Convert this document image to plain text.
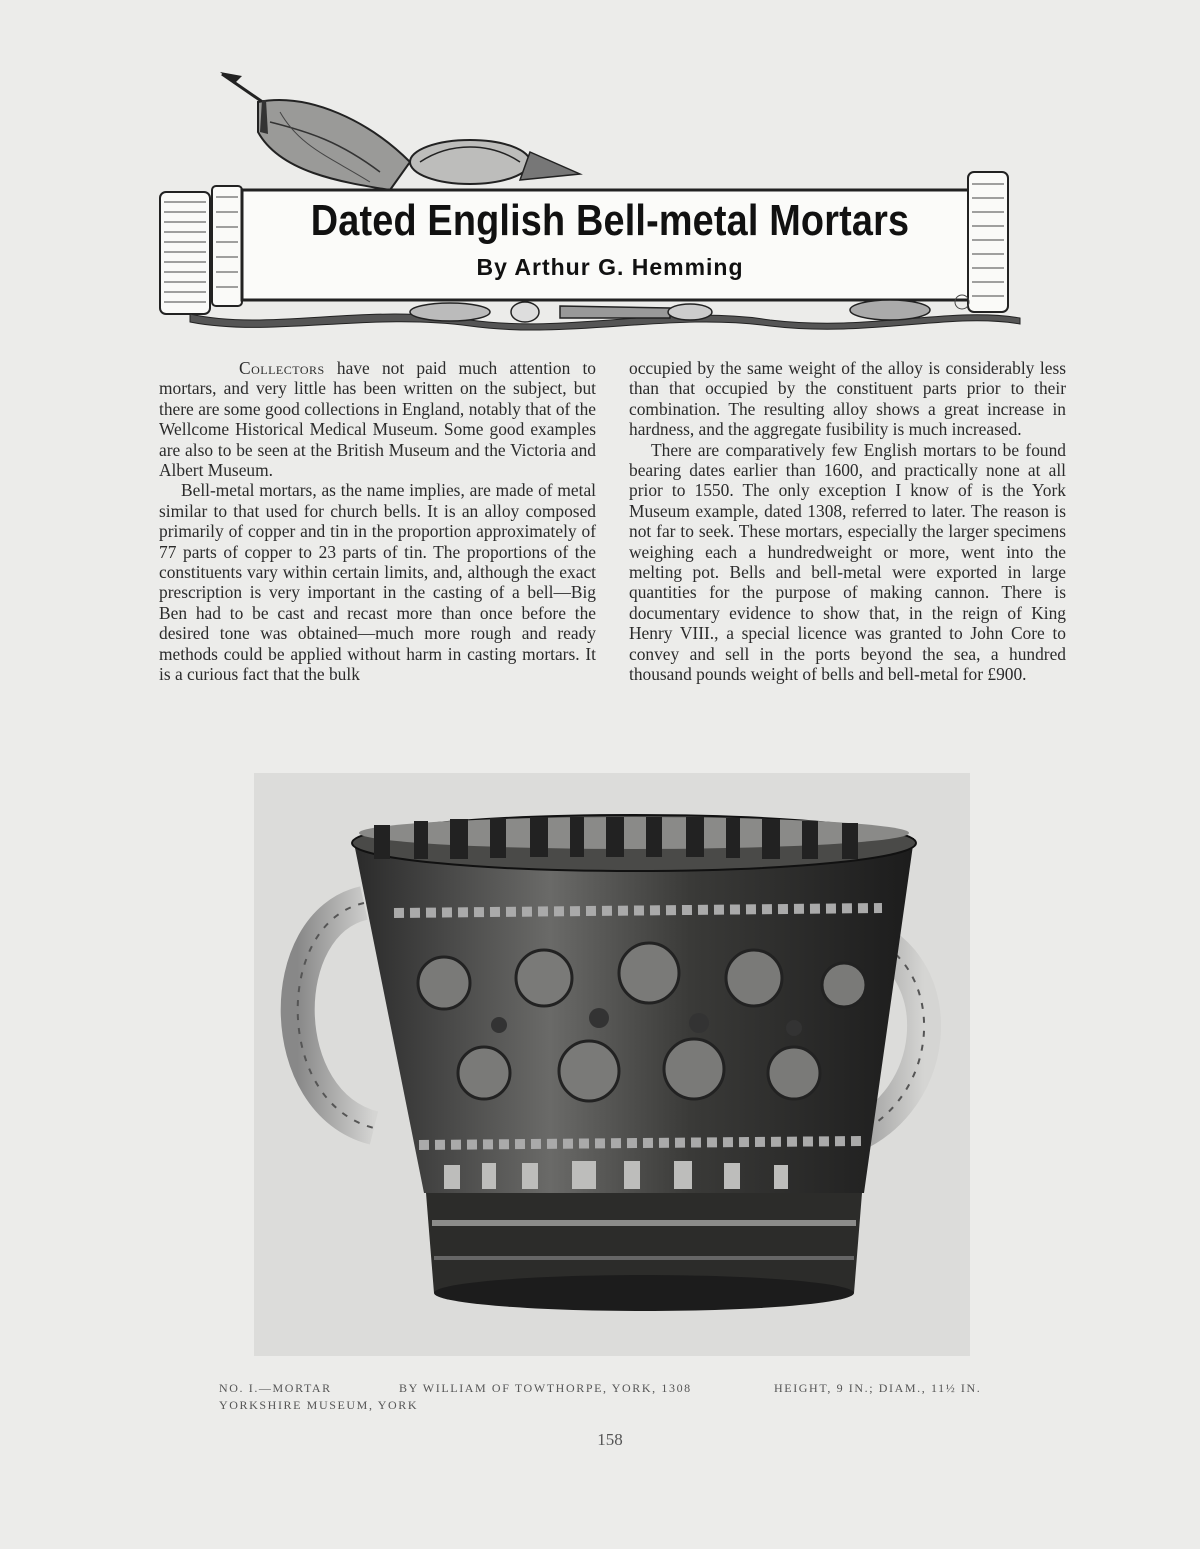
Dated English Bell-metal Mortars
By Arthur G. Hemming

Collectors have not paid much attention to mortars, and very little has been written on the subject, but there are some good collections in England, notably that of the Wellcome Historical Medical Museum. Some good examples are also to be seen at the British Museum and the Victoria and Albert Museum.

Bell-metal mortars, as the name implies, are made of metal similar to that used for church bells. It is an alloy composed primarily of copper and tin in the proportion approximately of 77 parts of copper to 23 parts of tin. The proportions of the constituents vary within certain limits, and, although the exact prescription is very important in the casting of a bell—Big Ben had to be cast and recast more than once before the desired tone was obtained—much more rough and ready methods could be applied without harm in casting mortars. It is a curious fact that the bulk

occupied by the same weight of the alloy is considerably less than that occupied by the constituent parts prior to their combination. The resulting alloy shows a great increase in hardness, and the aggregate fusibility is much increased.

There are comparatively few English mortars to be found bearing dates earlier than 1600, and practically none at all prior to 1550. The only exception I know of is the York Museum example, dated 1308, referred to later. The reason is not far to seek. These mortars, especially the larger specimens weighing each a hundredweight or more, went into the melting pot. Bells and bell-metal were exported in large quantities for the purpose of making cannon. There is documentary evidence to show that, in the reign of King Henry VIII., a special licence was granted to John Core to convey and sell in the ports beyond the sea, a hundred thousand pounds weight of bells and bell-metal for £900.

NO. I.—MORTAR	BY WILLIAM OF TOWTHORPE, YORK, 1308	HEIGHT, 9 IN.; DIAM., 11½ IN.
YORKSHIRE MUSEUM, YORK
158
